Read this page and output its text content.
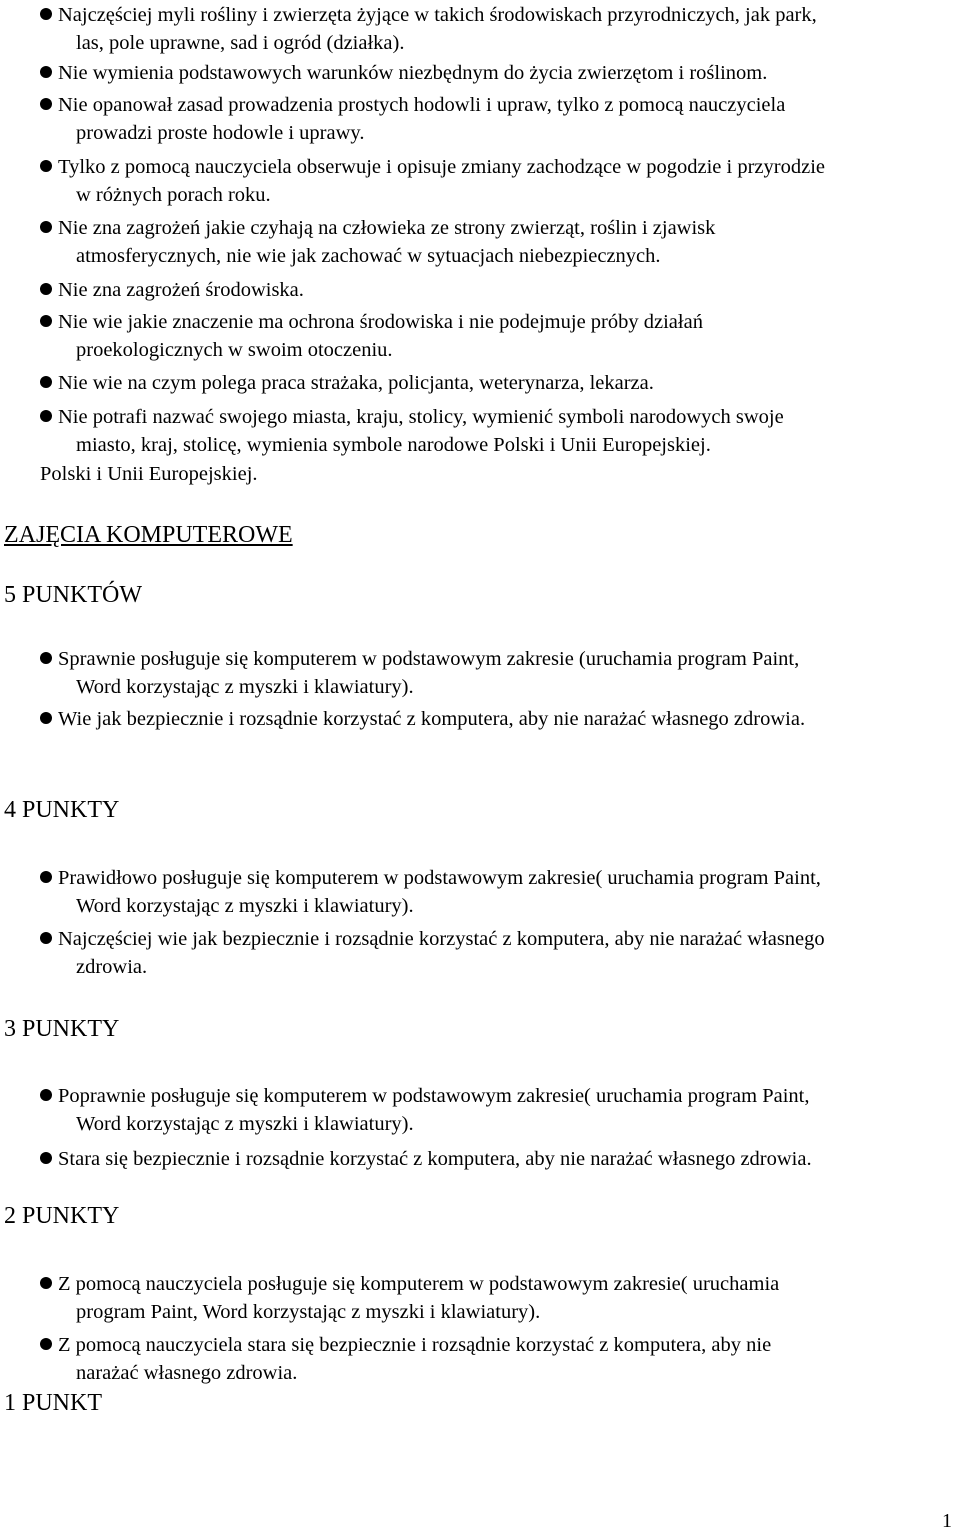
Najczęściej myli rośliny i zwierzęta żyjące w takich środowiskach przyrodniczych, jak park,
las, pole uprawne, sad i ogród (działka).
Nie wymienia podstawowych warunków niezbędnym do życia zwierzętom i roślinom.
Nie opanował zasad prowadzenia prostych hodowli i upraw, tylko z pomocą nauczyciela
prowadzi proste hodowle i uprawy.
Tylko z pomocą nauczyciela obserwuje i opisuje zmiany zachodzące w pogodzie i przyrodzie
w różnych porach roku.
Nie zna zagrożeń jakie czyhają na człowieka ze strony zwierząt, roślin i zjawisk
atmosferycznych, nie wie jak zachować w sytuacjach niebezpiecznych.
Nie zna zagrożeń środowiska.
Nie wie jakie znaczenie ma ochrona środowiska i nie podejmuje próby działań
proekologicznych w swoim otoczeniu.
Nie wie na czym polega praca strażaka, policjanta, weterynarza, lekarza.
Nie potrafi nazwać swojego miasta, kraju, stolicy, wymienić symboli narodowych swoje
miasto, kraj, stolicę, wymienia symbole narodowe Polski i Unii Europejskiej.
Polski i Unii Europejskiej.
ZAJĘCIA KOMPUTEROWE
5 PUNKTÓW
Sprawnie posługuje się komputerem w podstawowym zakresie (uruchamia program Paint,
Word korzystając z myszki i klawiatury).
Wie jak bezpiecznie i rozsądnie korzystać z komputera, aby nie narażać własnego zdrowia.
4 PUNKTY
Prawidłowo posługuje się komputerem w podstawowym zakresie( uruchamia program Paint,
Word korzystając z myszki i klawiatury).
Najczęściej wie jak bezpiecznie i rozsądnie korzystać z komputera, aby nie narażać własnego
zdrowia.
3 PUNKTY
Poprawnie posługuje się komputerem w podstawowym zakresie( uruchamia program Paint,
Word korzystając z myszki i klawiatury).
Stara się bezpiecznie i rozsądnie korzystać z komputera, aby nie narażać własnego zdrowia.
2 PUNKTY
Z pomocą nauczyciela posługuje się komputerem w podstawowym zakresie( uruchamia
program Paint, Word korzystając z myszki i klawiatury).
Z pomocą nauczyciela stara się bezpiecznie i rozsądnie korzystać z komputera, aby nie
narażać własnego zdrowia.
1 PUNKT
1
